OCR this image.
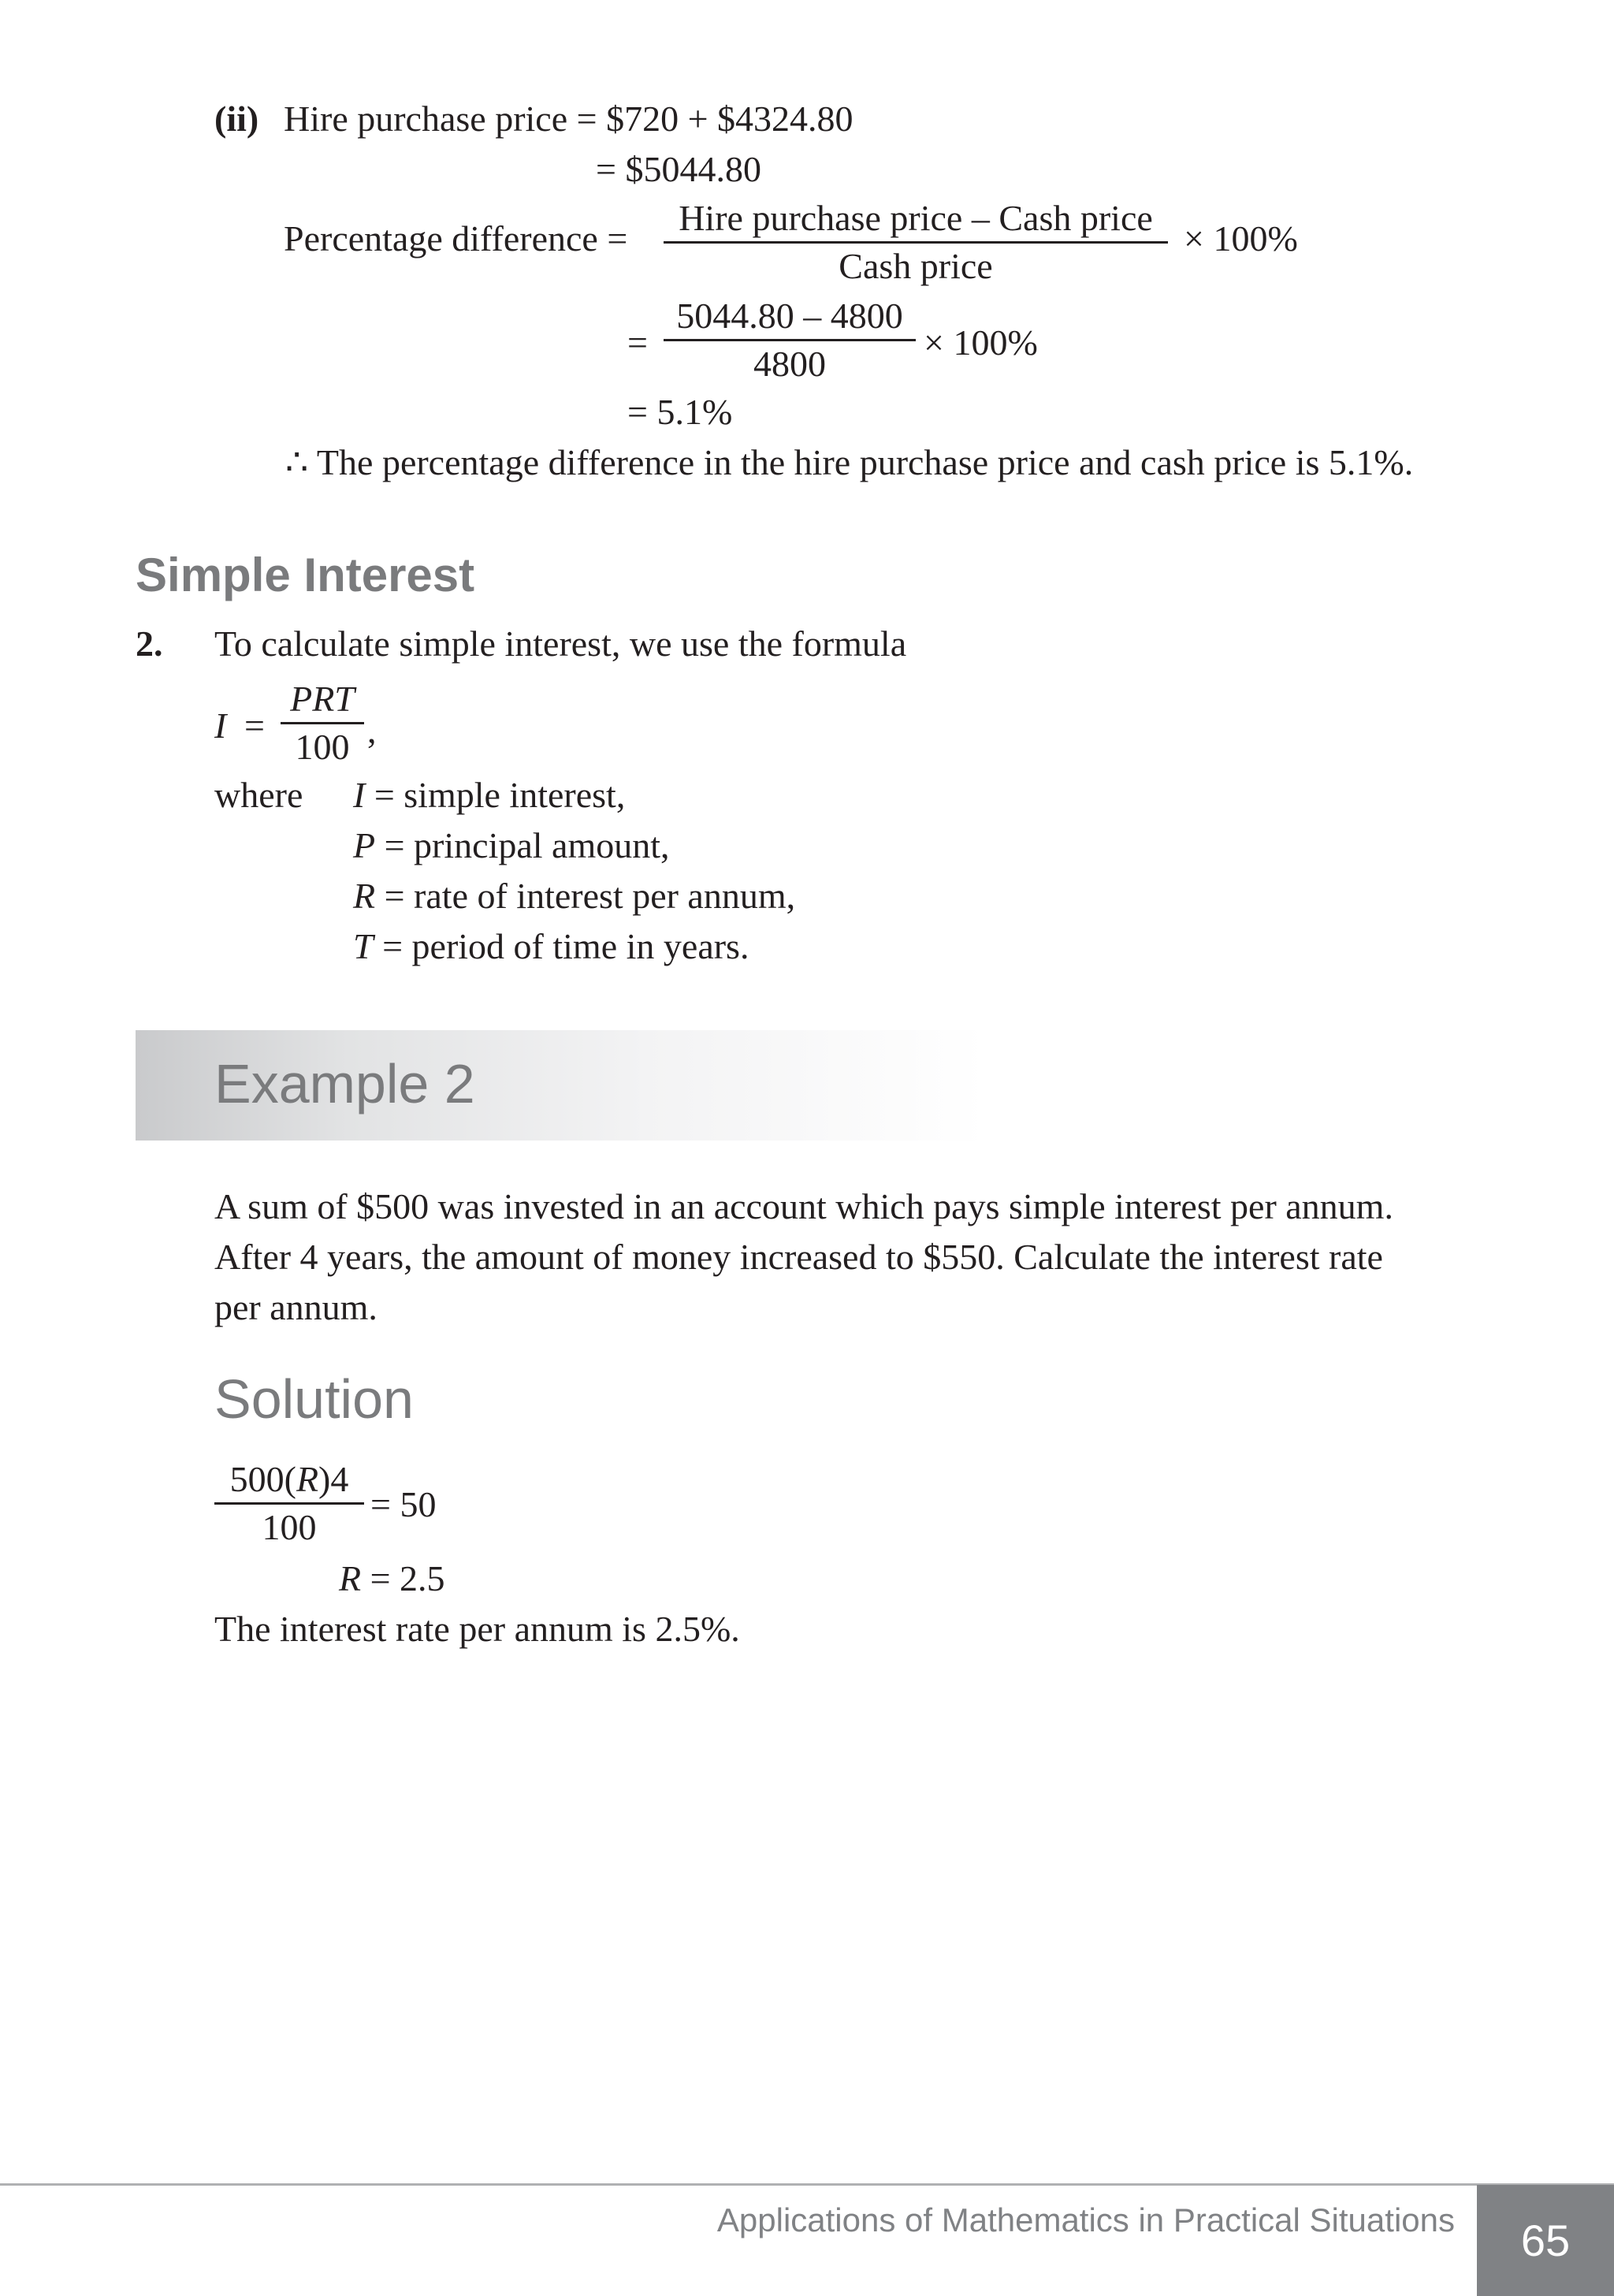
(ii) Hire purchase price = $720 + $4324.80
= $5044.80
Percentage difference =
Hire purchase price – Cash price
Cash price
× 100%
=
5044.80 – 4800
4800
× 100%
= 5.1%
∴ The percentage difference in the hire purchase price and cash price is 5.1%.
Simple Interest
2. To calculate simple interest, we use the formula
I =
PRT
100 ,
where I = simple interest,
P = principal amount,
R = rate of interest per annum,
T = period of time in years.
Example 2
A sum of $500 was invested in an account which pays simple interest per annum.
After 4 years, the amount of money increased to $550. Calculate the interest rate
per annum.
Solution
500(R)4
100
= 50
R = 2.5
The interest rate per annum is 2.5%.
Applications of Mathematics in Practical Situations 65
